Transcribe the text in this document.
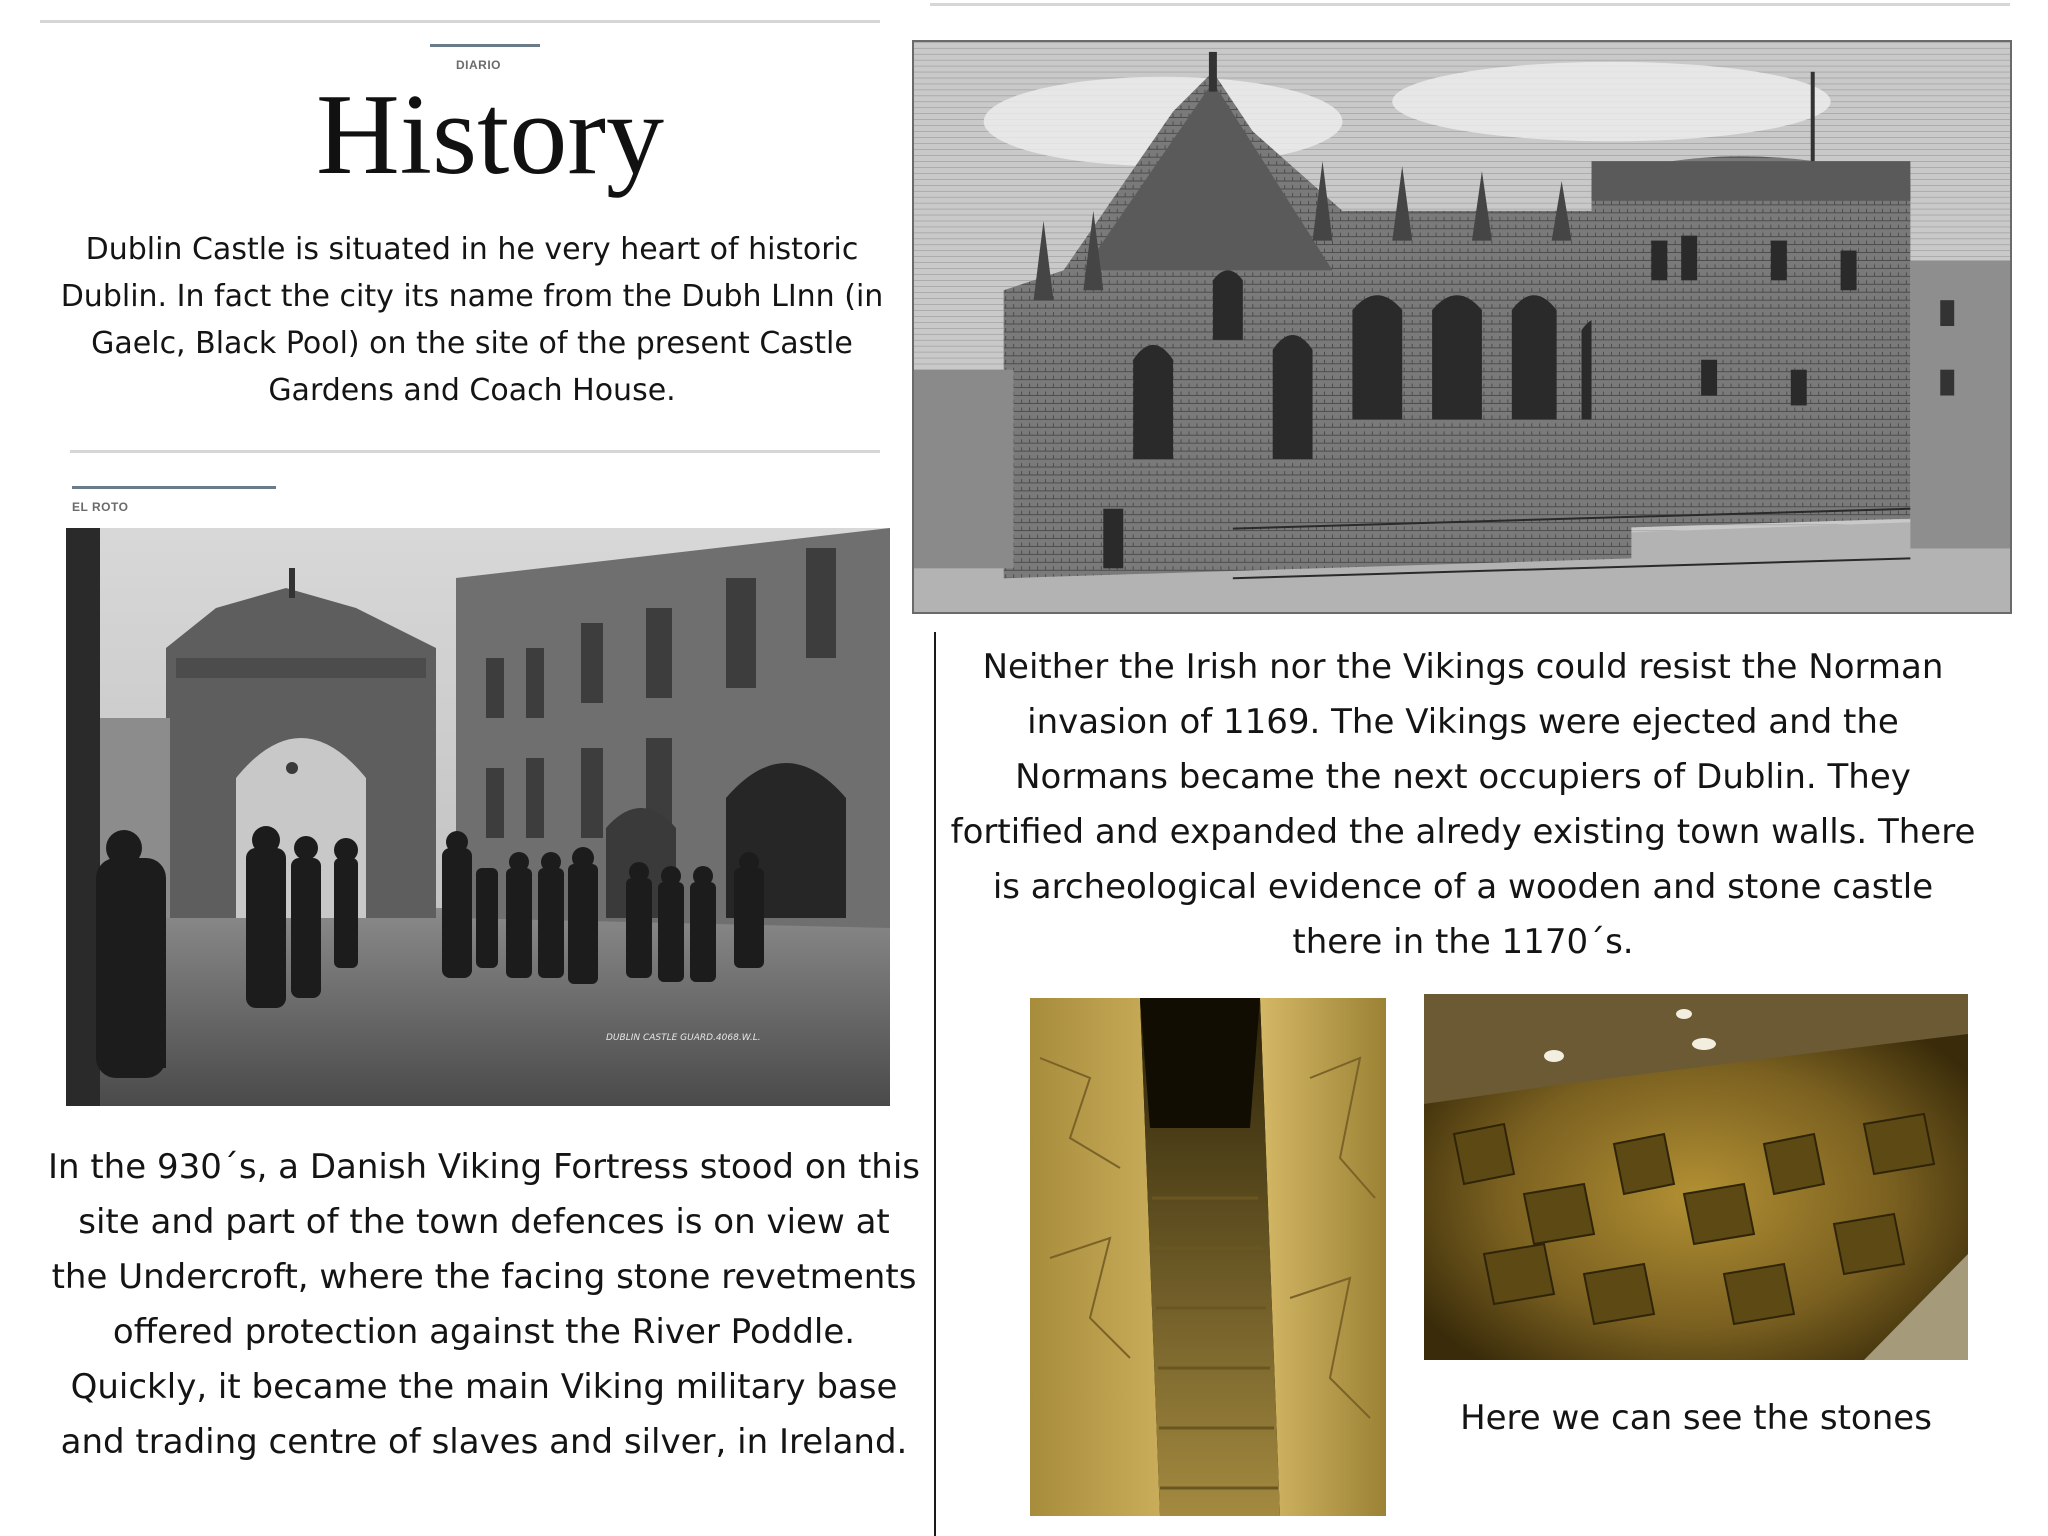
DIARIO
History
Dublin Castle is situated in he very heart of historic Dublin. In fact the city its name from the Dubh LInn (in Gaelc, Black Pool) on the site of the present Castle Gardens and Coach House.
EL ROTO
DUBLIN CASTLE GUARD.4068.W.L.
In the 930´s, a Danish Viking Fortress stood on this site and part of the town defences is on view at the Undercroft, where the facing stone revetments offered protection against the River Poddle. Quickly, it became the main Viking military base and trading centre of slaves and silver, in Ireland.
Neither the Irish nor the Vikings could resist the Norman invasion of 1169. The Vikings were ejected and the Normans became the next occupiers of Dublin. They fortified and expanded the alredy existing town walls. There is archeological evidence of a wooden and stone castle there in the 1170´s.
Here we can see the stones
